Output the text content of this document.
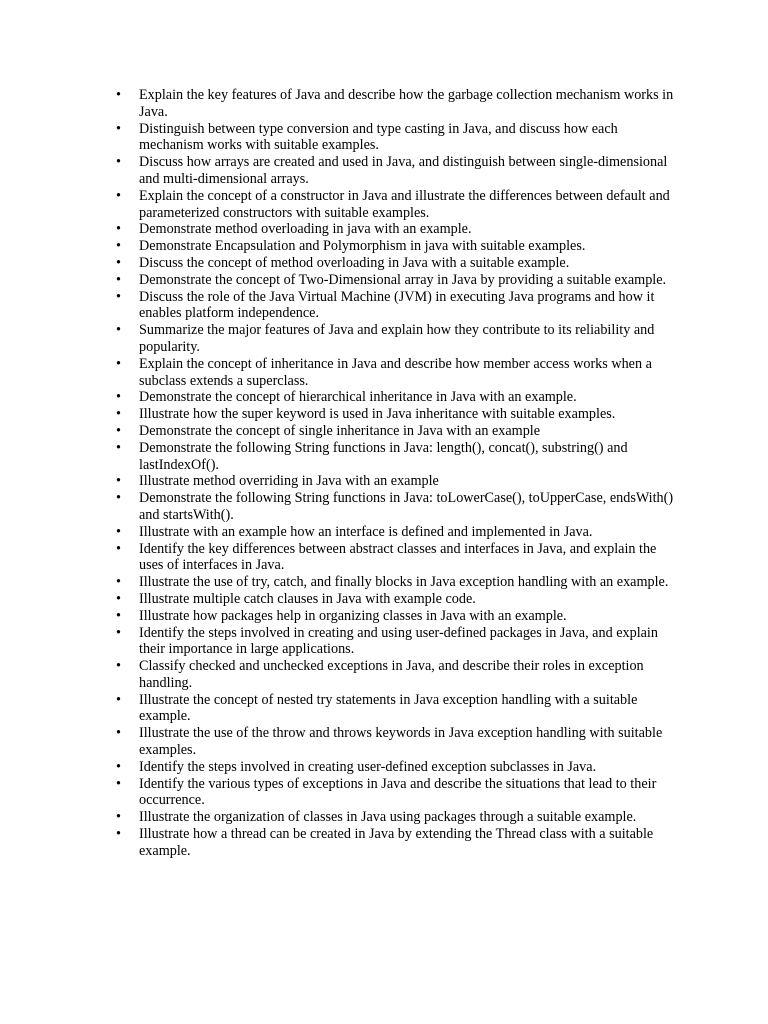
• Explain the key features of Java and describe how the garbage collection mechanism works in Java.
• Distinguish between type conversion and type casting in Java, and discuss how each mechanism works with suitable examples.
• Discuss how arrays are created and used in Java, and distinguish between single-dimensional and multi-dimensional arrays.
• Explain the concept of a constructor in Java and illustrate the differences between default and parameterized constructors with suitable examples.
• Demonstrate method overloading in java with an example.
• Demonstrate Encapsulation and Polymorphism in java with suitable examples.
• Discuss the concept of method overloading in Java with a suitable example.
• Demonstrate the concept of Two-Dimensional array in Java by providing a suitable example.
• Discuss the role of the Java Virtual Machine (JVM) in executing Java programs and how it enables platform independence.
• Summarize the major features of Java and explain how they contribute to its reliability and popularity.
• Explain the concept of inheritance in Java and describe how member access works when a subclass extends a superclass.
• Demonstrate the concept of hierarchical inheritance in Java with an example.
• Illustrate how the super keyword is used in Java inheritance with suitable examples.
• Demonstrate the concept of single inheritance in Java with an example
• Demonstrate the following String functions in Java: length(), concat(), substring() and lastIndexOf().
• Illustrate method overriding in Java with an example
• Demonstrate the following String functions in Java: toLowerCase(), toUpperCase, endsWith() and startsWith().
• Illustrate with an example how an interface is defined and implemented in Java.
• Identify the key differences between abstract classes and interfaces in Java, and explain the uses of interfaces in Java.
• Illustrate the use of try, catch, and finally blocks in Java exception handling with an example.
• Illustrate multiple catch clauses in Java with example code.
• Illustrate how packages help in organizing classes in Java with an example.
• Identify the steps involved in creating and using user-defined packages in Java, and explain their importance in large applications.
• Classify checked and unchecked exceptions in Java, and describe their roles in exception handling.
• Illustrate the concept of nested try statements in Java exception handling with a suitable example.
• Illustrate the use of the throw and throws keywords in Java exception handling with suitable examples.
• Identify the steps involved in creating user-defined exception subclasses in Java.
• Identify the various types of exceptions in Java and describe the situations that lead to their occurrence.
• Illustrate the organization of classes in Java using packages through a suitable example.
• Illustrate how a thread can be created in Java by extending the Thread class with a suitable example.
